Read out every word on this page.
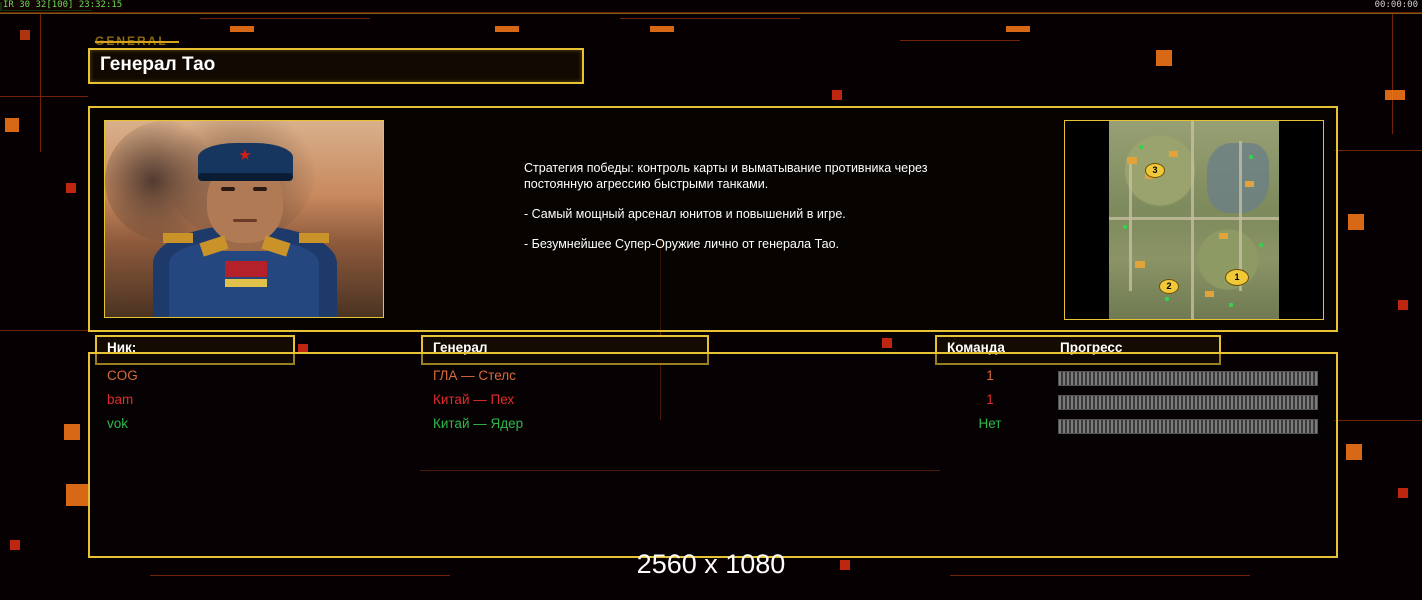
IR 30 32[100] 23:32:15	00:00:00
Генерал Тао

Стратегия победы: контроль карты и выматывание противника через постоянную агрессию быстрыми танками.

- Самый мощный арсенал юнитов и повышений в игре.

- Безумнейшее Супер-Оружие лично от генерала Тао.

3
2
1
Ник:	Генерал	Команда	Прогресс
COG	ГЛА — Стелс	1
bam	Китай — Пех	1
vok	Китай — Ядер	Нет
2560 x 1080
